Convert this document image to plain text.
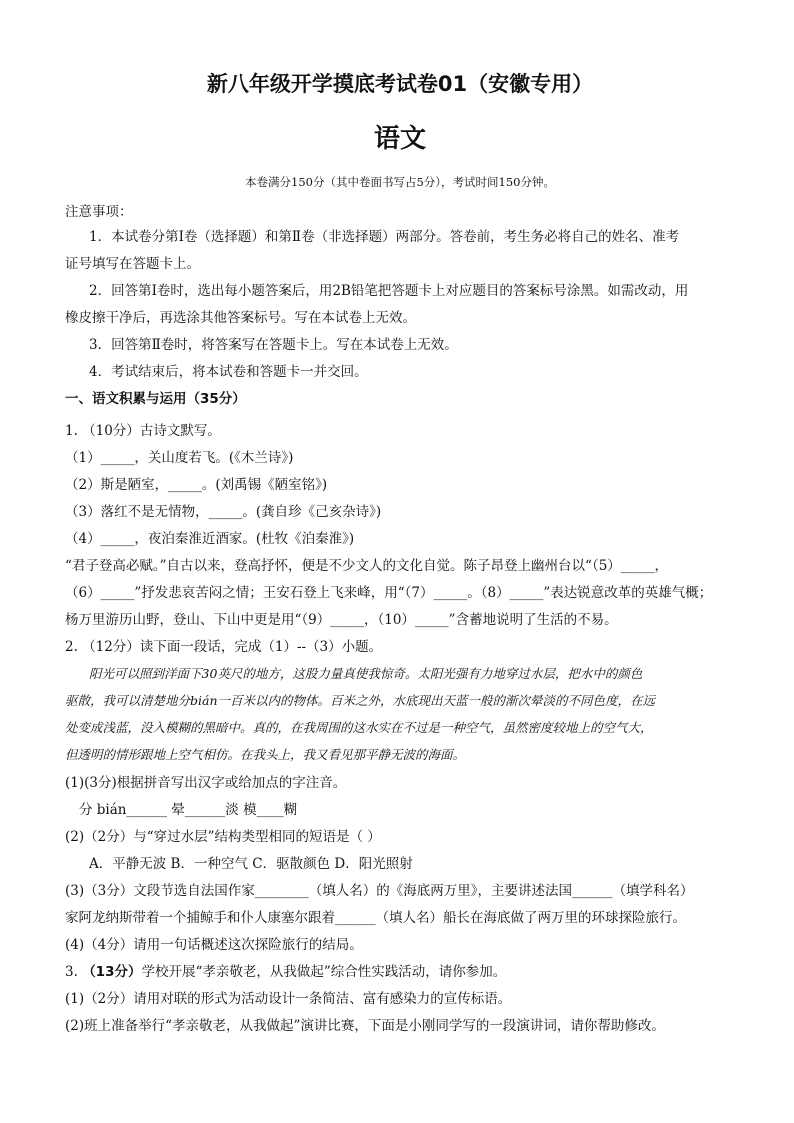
新八年级开学摸底考试卷01（安徽专用）
语文
本卷满分150分（其中卷面书写占5分），考试时间150分钟。
注意事项：
1．本试卷分第Ⅰ卷（选择题）和第Ⅱ卷（非选择题）两部分。答卷前，考生务必将自己的姓名、准考
证号填写在答题卡上。
2．回答第Ⅰ卷时，选出每小题答案后，用2B铅笔把答题卡上对应题目的答案标号涂黑。如需改动，用
橡皮擦干净后，再选涂其他答案标号。写在本试卷上无效。
3．回答第Ⅱ卷时，将答案写在答题卡上。写在本试卷上无效。
4．考试结束后，将本试卷和答题卡一并交回。
一、语文积累与运用（35分）
1. （10分）古诗文默写。
（1）_____，关山度若飞。(《木兰诗》)
（2）斯是陋室，_____。(刘禹锡《陋室铭》)
（3）落红不是无情物，_____。(龚自珍《己亥杂诗》)
（4）_____，夜泊秦淮近酒家。(杜牧《泊秦淮》)
“君子登高必赋。”自古以来，登高抒怀，便是不少文人的文化自觉。陈子昂登上幽州台以“（5）_____，
（6）_____”抒发悲哀苦闷之情；王安石登上飞来峰，用“（7）_____。（8）_____”表达锐意改革的英雄气概；
杨万里游历山野，登山、下山中更是用“（9）_____，（10）_____”含蓄地说明了生活的不易。
2. （12分）读下面一段话，完成（1）--（3）小题。
阳光可以照到洋面下30英尺的地方，这股力量真使我惊奇。太阳光强有力地穿过水层，把水中的颜色
驱散，我可以清楚地分bián一百米以内的物体。百米之外，水底现出天蓝一般的渐次晕淡的不同色度，在远
处变成浅蓝，没入模糊的黑暗中。真的，在我周围的这水实在不过是一种空气，虽然密度较地上的空气大，
但透明的情形跟地上空气相仿。在我头上，我又看见那平静无波的海面。
(1)(3分)根据拼音写出汉字或给加点的字注音。
分 bián______ 晕______淡 模____糊
(2)（2分）与“穿过水层”结构类型相同的短语是（ ）
A．平静无波 B．一种空气 C．驱散颜色 D．阳光照射
(3)（3分）文段节选自法国作家________（填人名）的《海底两万里》，主要讲述法国______（填学科名）
家阿龙纳斯带着一个捕鲸手和仆人康塞尔跟着______（填人名）船长在海底做了两万里的环球探险旅行。
(4)（4分）请用一句话概述这次探险旅行的结局。
3. （13分）学校开展“孝亲敬老，从我做起”综合性实践活动，请你参加。
(1)（2分）请用对联的形式为活动设计一条简洁、富有感染力的宣传标语。
(2)班上准备举行“孝亲敬老，从我做起”演讲比赛，下面是小刚同学写的一段演讲词，请你帮助修改。
